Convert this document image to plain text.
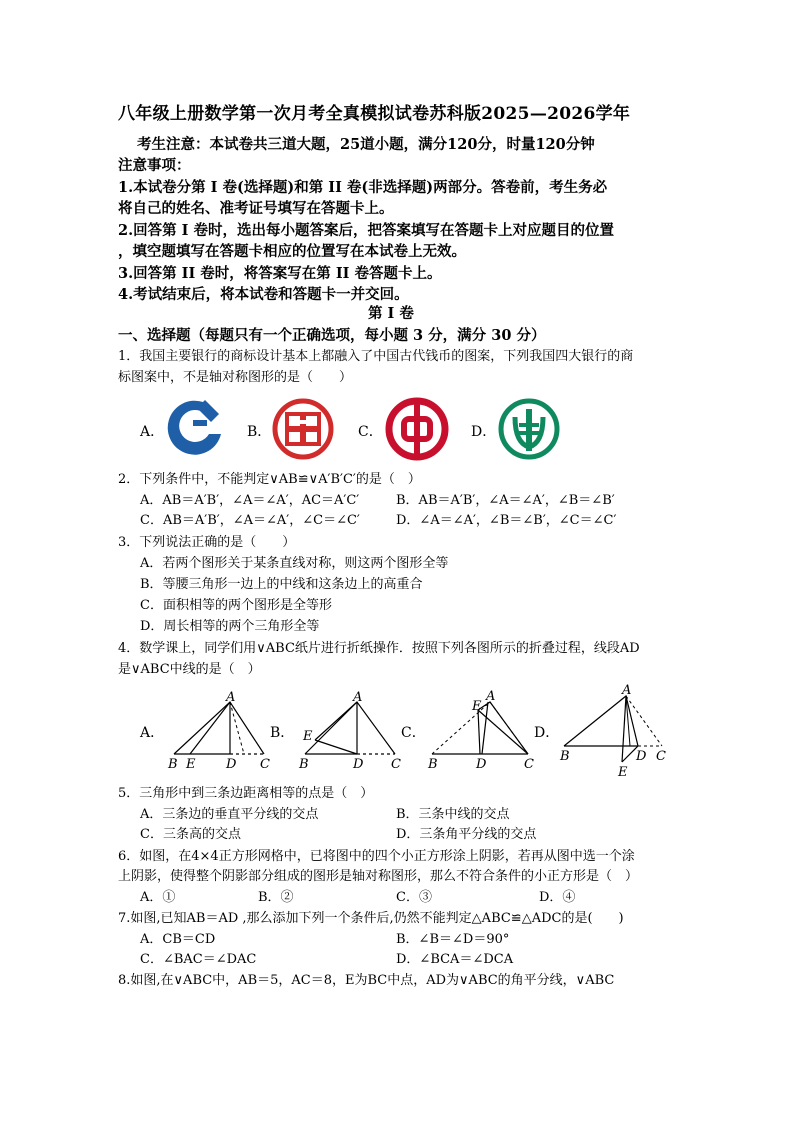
八年级上册数学第一次月考全真模拟试卷苏科版2025—2026学年
考生注意：本试卷共三道大题，25道小题，满分120分，时量120分钟
注意事项：
1.本试卷分第 I 卷(选择题)和第 II 卷(非选择题)两部分。答卷前，考生务必
将自己的姓名、准考证号填写在答题卡上。
2.回答第 I 卷时，选出每小题答案后，把答案填写在答题卡上对应题目的位置
，填空题填写在答题卡相应的位置写在本试卷上无效。
3.回答第 II 卷时，将答案写在第 II 卷答题卡上。
4.考试结束后，将本试卷和答题卡一并交回。
第 I 卷
一、选择题（每题只有一个正确选项，每小题 3 分，满分 30 分）
1．我国主要银行的商标设计基本上都融入了中国古代钱币的图案，下列我国四大银行的商
标图案中，不是轴对称图形的是（　　）
A．	B．	C．	D．
2．下列条件中，不能判定∨AB≌∨A′B′C′的是（　）
A．AB＝A′B′，∠A＝∠A′，AC＝A′C′	B．AB＝A′B′，∠A＝∠A′，∠B＝∠B′
C．AB＝A′B′，∠A＝∠A′，∠C＝∠C′	D．∠A＝∠A′，∠B＝∠B′，∠C＝∠C′
3．下列说法正确的是（　　）
A．若两个图形关于某条直线对称，则这两个图形全等
B．等腰三角形一边上的中线和这条边上的高重合
C．面积相等的两个图形是全等形
D．周长相等的两个三角形全等
4．数学课上，同学们用∨ABC纸片进行折纸操作．按照下列各图所示的折叠过程，线段AD
是∨ABC中线的是（　）
A．
A
B E D C
B．
A
E
B	D C
C．
E
A
B	D	C
D．
A
B	D C
E
5．三角形中到三条边距离相等的点是（　）
A．三条边的垂直平分线的交点	B．三条中线的交点
C．三条高的交点	D．三条角平分线的交点
6．如图，在4×4正方形网格中，已将图中的四个小正方形涂上阴影，若再从图中选一个涂
上阴影，使得整个阴影部分组成的图形是轴对称图形，那么不符合条件的小正方形是（　）
A．①	B．②	C．③	D．④
7.如图,已知AB＝AD ,那么添加下列一个条件后,仍然不能判定△ABC≌△ADC的是(　　)
A．CB＝CD	B．∠B＝∠D＝90°
C．∠BAC＝∠DAC	D．∠BCA＝∠DCA
8.如图,在∨ABC中，AB＝5，AC＝8，E为BC中点，AD为∨ABC的角平分线，∨ABC
